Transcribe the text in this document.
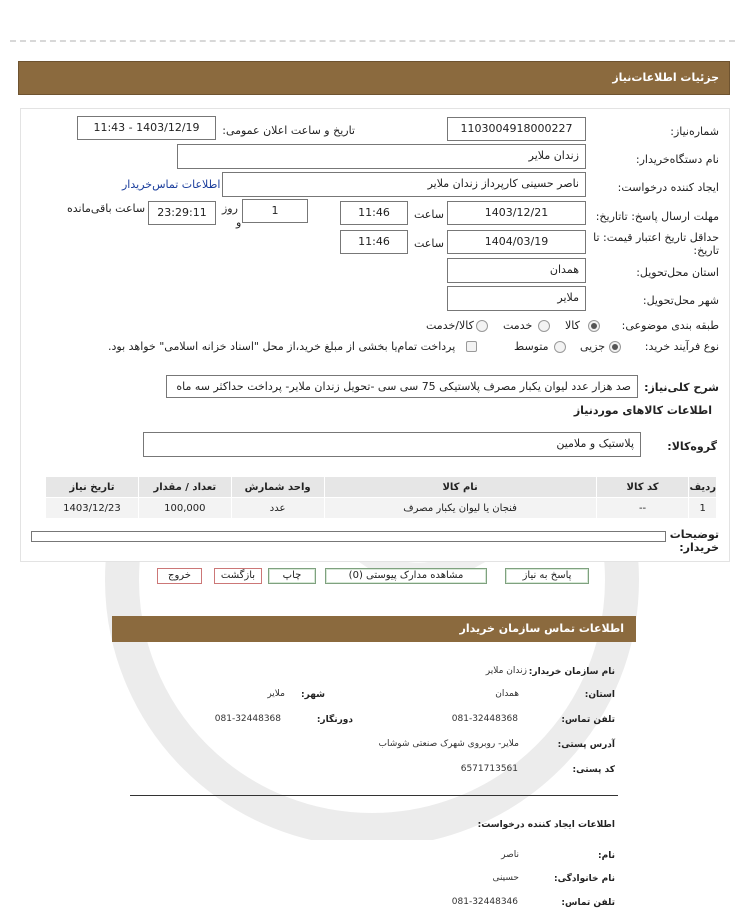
جزئیات اطلاعات‌نیاز
شماره‌نیاز:
1103004918000227
تاریخ و ساعت اعلان عمومی:
1403/12/19 - 11:43
نام دستگاه‌خریدار:
زندان ملایر
ایجاد کننده درخواست:
ناصر حسینی کارپرداز زندان ملایر
اطلاعات تماس‌خریدار
مهلت ارسال پاسخ: تاتاریخ:
1403/12/21
ساعت
11:46
1
روز
و
23:29:11
ساعت باقی‌مانده
حداقل تاریخ اعتبار قیمت: تا
تاریخ:
1404/03/19
ساعت
11:46
استان محل‌تحویل:
همدان
شهر محل‌تحویل:
ملایر
طبقه بندی موضوعی:
کالا
خدمت
کالا/خدمت
نوع فرآیند خرید:
جزیی
متوسط
پرداخت تمام‌یا بخشی از مبلغ خرید،از محل "اسناد خزانه اسلامی" خواهد بود.
شرح کلی‌نیاز:
صد هزار عدد لیوان یکبار مصرف پلاستیکی 75 سی سی -تحویل زندان ملایر- پرداخت حداکثر سه ماه
اطلاعات کالاهای موردنیاز
گروه‌کالا:
پلاستیک و ملامین
ردیف	کد کالا	نام کالا	واحد شمارش	تعداد / مقدار	تاریخ نیاز
1	--	فنجان یا لیوان یکبار مصرف	عدد	100,000	1403/12/23
توضیحات
خریدار:
پاسخ به نیاز
مشاهده مدارک پیوستی (0)
چاپ
بازگشت
خروج
اطلاعات تماس سازمان خریدار
نام سازمان خریدار:
زندان ملایر
استان:
همدان
شهر:
ملایر
تلفن تماس:
081-32448368
دورنگار:
081-32448368
آدرس پستی:
ملایر- روبروی شهرک صنعتی شوشاب
کد پستی:
6571713561
اطلاعات ایجاد کننده درخواست:
نام:
ناصر
نام خانوادگی:
حسینی
تلفن تماس:
081-32448346
